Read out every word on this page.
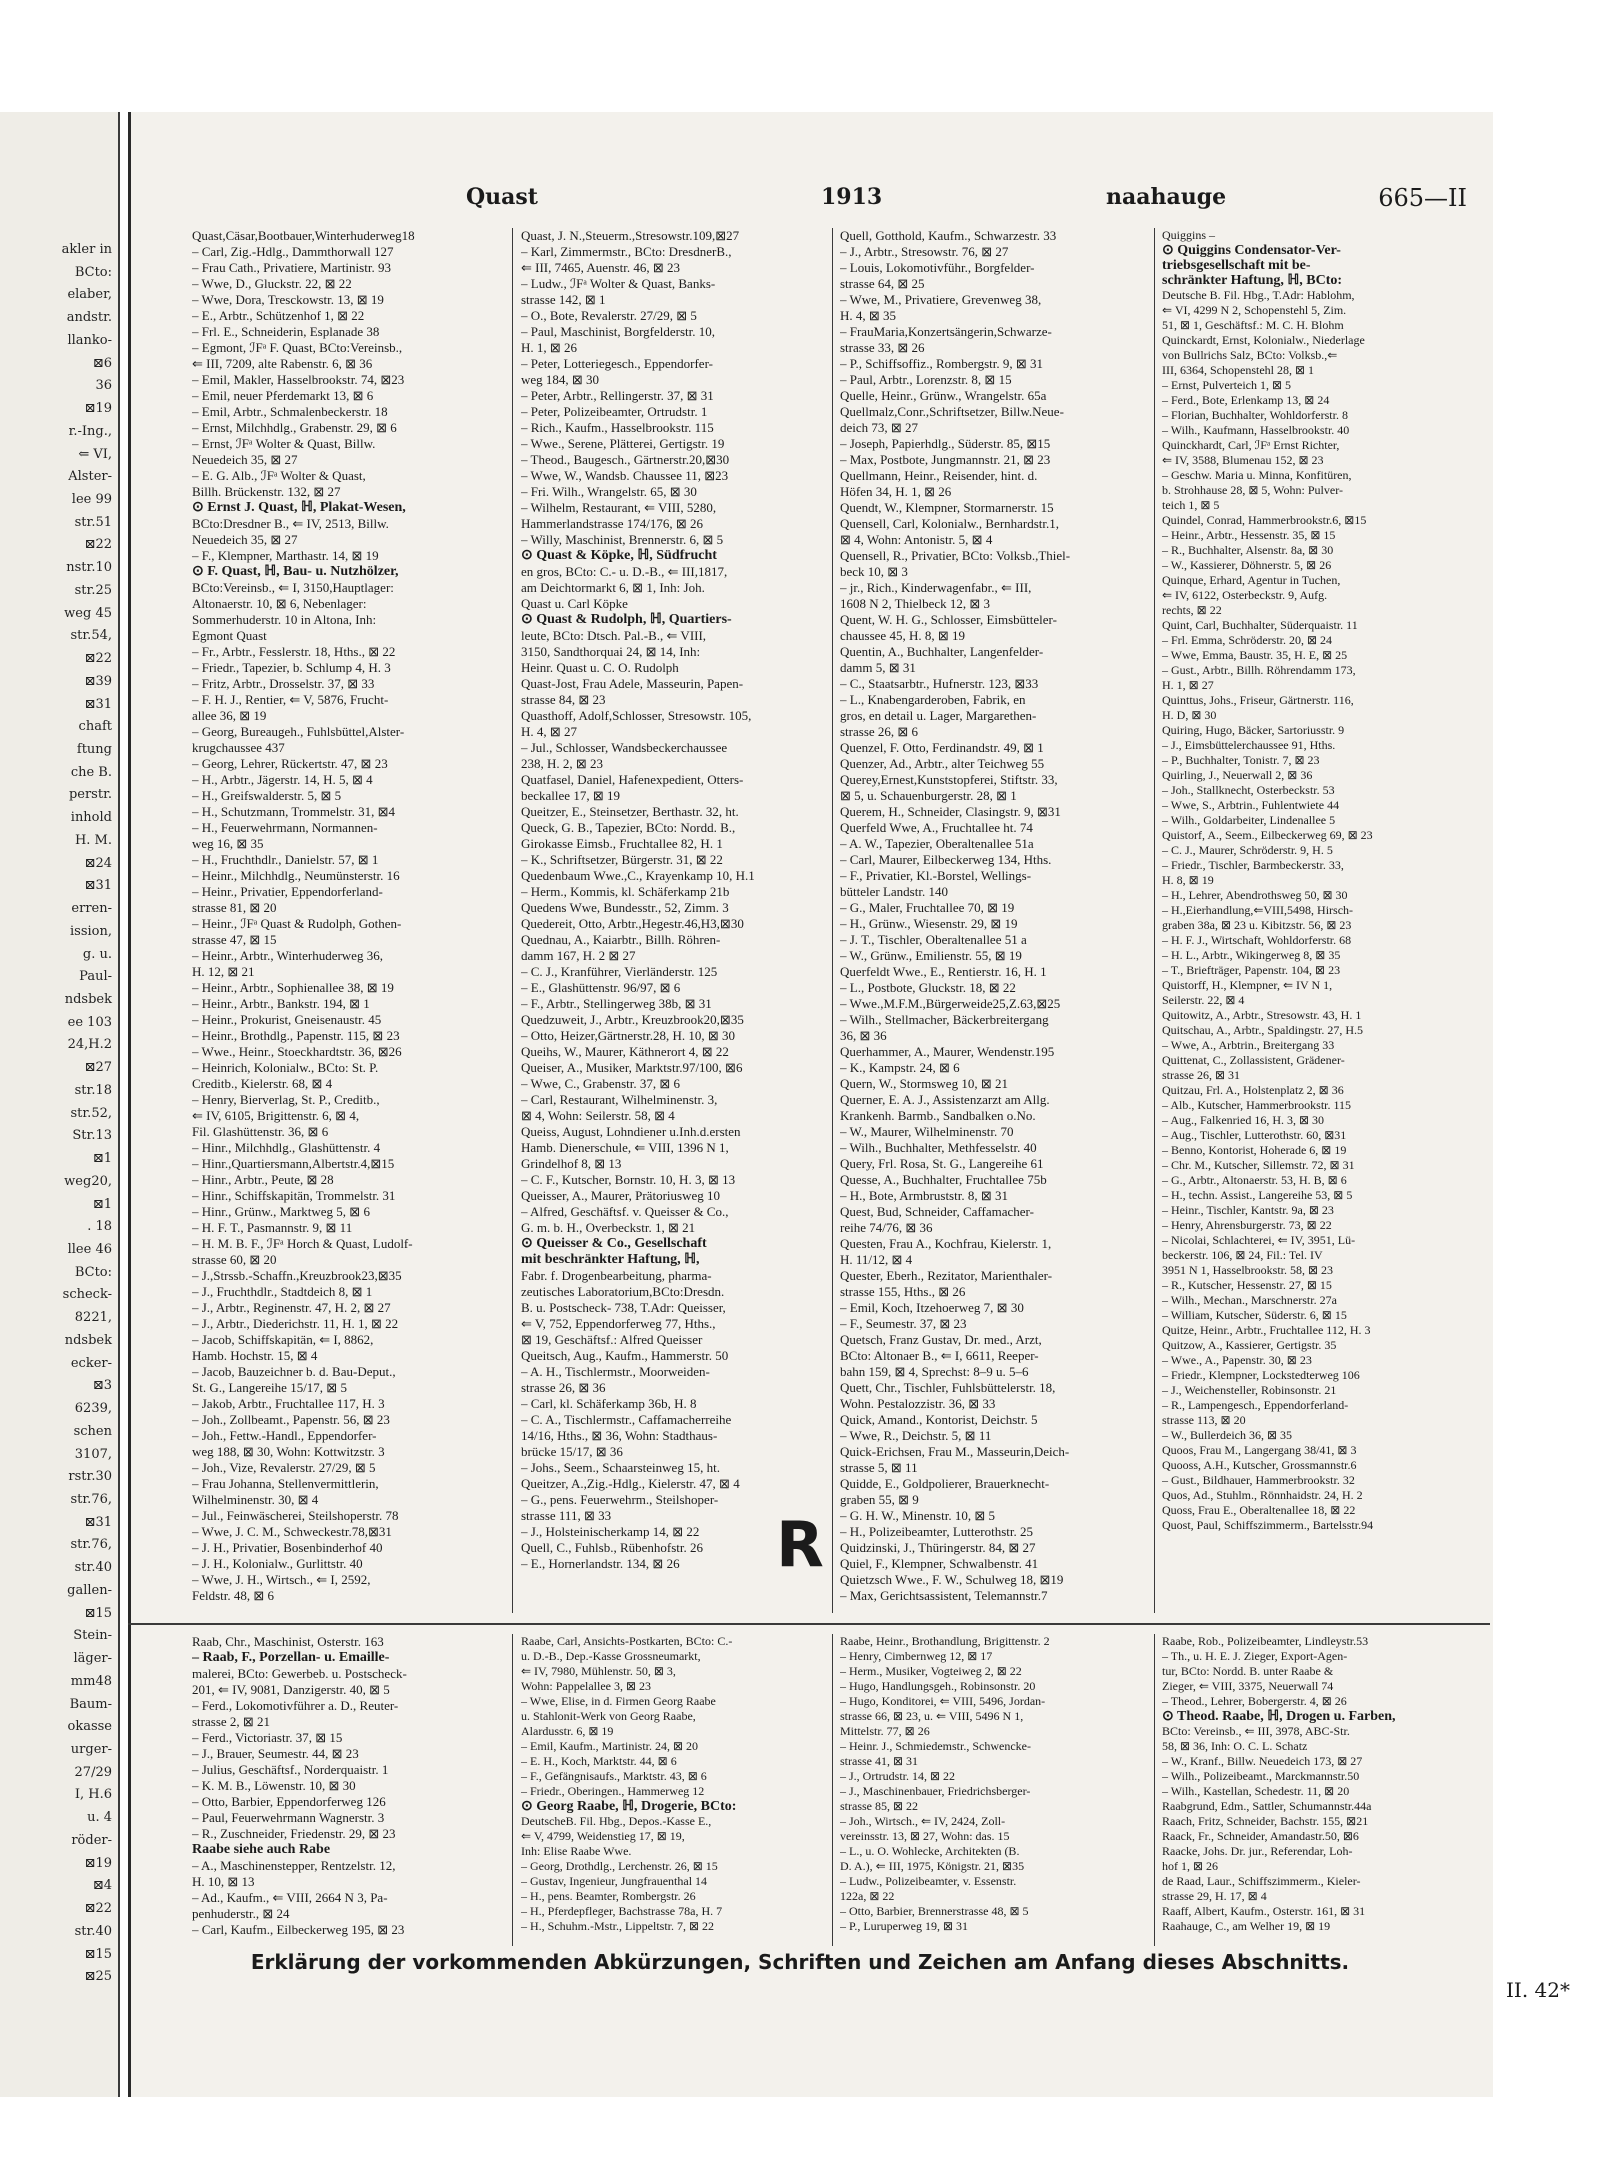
akler in
BCto:
elaber,
andstr.
llanko-
⊠6
36
⊠19
r.-Ing.,
⇐ VI,
Alster-
lee 99
str.51
⊠22
nstr.10
str.25
weg 45
str.54,
⊠22
⊠39
⊠31
chaft
ftung
che B.
perstr.
inhold
H. M.
⊠24
⊠31
erren-
ission,
g. u.
Paul-
ndsbek
ee 103
24,H.2
⊠27
str.18
str.52,
Str.13
⊠1
weg20,
⊠1
. 18
llee 46
BCto:
scheck-
8221,
ndsbek
ecker-
⊠3
6239,
schen
3107,
rstr.30
str.76,
⊠31
str.76,
str.40
gallen-
⊠15
Stein-
läger-
mm48
Baum-
okasse
urger-
27/29
I, H.6
u. 4
röder-
⊠19
⊠4
⊠22
str.40
⊠15
⊠25
Quast	1913	naahauge	665—II
R
Erklärung der vorkommenden Abkürzungen, Schriften und Zeichen am Anfang dieses Abschnitts.
II. 42*
Quast,Cäsar,Bootbauer,Winterhuderweg18
– Carl, Zig.-Hdlg., Dammthorwall 127
– Frau Cath., Privatiere, Martinistr. 93
– Wwe, D., Gluckstr. 22, ⊠ 22
– Wwe, Dora, Tresckowstr. 13, ⊠ 19
– E., Arbtr., Schützenhof 1, ⊠ 22
– Frl. E., Schneiderin, Esplanade 38
– Egmont, ℐFᵃ F. Quast, BCto:Vereinsb.,
⇐ III, 7209, alte Rabenstr. 6, ⊠ 36
– Emil, Makler, Hasselbrookstr. 74, ⊠23
– Emil, neuer Pferdemarkt 13, ⊠ 6
– Emil, Arbtr., Schmalenbeckerstr. 18
– Ernst, Milchhdlg., Grabenstr. 29, ⊠ 6
– Ernst, ℐFᵃ Wolter & Quast, Billw.
Neuedeich 35, ⊠ 27
– E. G. Alb., ℐFᵃ Wolter & Quast,
Billh. Brückenstr. 132, ⊠ 27
⊙ Ernst J. Quast, ℍ, Plakat-Wesen,
BCto:Dresdner B., ⇐ IV, 2513, Billw.
Neuedeich 35, ⊠ 27
– F., Klempner, Marthastr. 14, ⊠ 19
⊙ F. Quast, ℍ, Bau- u. Nutzhölzer,
BCto:Vereinsb., ⇐ I, 3150,Hauptlager:
Altonaerstr. 10, ⊠ 6, Nebenlager:
Sommerhuderstr. 10 in Altona, Inh:
Egmont Quast
– Fr., Arbtr., Fesslerstr. 18, Hths., ⊠ 22
– Friedr., Tapezier, b. Schlump 4, H. 3
– Fritz, Arbtr., Drosselstr. 37, ⊠ 33
– F. H. J., Rentier, ⇐ V, 5876, Frucht-
allee 36, ⊠ 19
– Georg, Bureaugeh., Fuhlsbüttel,Alster-
krugchaussee 437
– Georg, Lehrer, Rückertstr. 47, ⊠ 23
– H., Arbtr., Jägerstr. 14, H. 5, ⊠ 4
– H., Greifswalderstr. 5, ⊠ 5
– H., Schutzmann, Trommelstr. 31, ⊠4
– H., Feuerwehrmann, Normannen-
weg 16, ⊠ 35
– H., Fruchthdlr., Danielstr. 57, ⊠ 1
– Heinr., Milchhdlg., Neumünsterstr. 16
– Heinr., Privatier, Eppendorferland-
strasse 81, ⊠ 20
– Heinr., ℐFᵃ Quast & Rudolph, Gothen-
strasse 47, ⊠ 15
– Heinr., Arbtr., Winterhuderweg 36,
H. 12, ⊠ 21
– Heinr., Arbtr., Sophienallee 38, ⊠ 19
– Heinr., Arbtr., Bankstr. 194, ⊠ 1
– Heinr., Prokurist, Gneisenaustr. 45
– Heinr., Brothdlg., Papenstr. 115, ⊠ 23
– Wwe., Heinr., Stoeckhardtstr. 36, ⊠26
– Heinrich, Kolonialw., BCto: St. P.
Creditb., Kielerstr. 68, ⊠ 4
– Henry, Bierverlag, St. P., Creditb.,
⇐ IV, 6105, Brigittenstr. 6, ⊠ 4,
Fil. Glashüttenstr. 36, ⊠ 6
– Hinr., Milchhdlg., Glashüttenstr. 4
– Hinr.,Quartiersmann,Albertstr.4,⊠15
– Hinr., Arbtr., Peute, ⊠ 28
– Hinr., Schiffskapitän, Trommelstr. 31
– Hinr., Grünw., Marktweg 5, ⊠ 6
– H. F. T., Pasmannstr. 9, ⊠ 11
– H. M. B. F., ℐFᵃ Horch & Quast, Ludolf-
strasse 60, ⊠ 20
– J.,Strssb.-Schaffn.,Kreuzbrook23,⊠35
– J., Fruchthdlr., Stadtdeich 8, ⊠ 1
– J., Arbtr., Reginenstr. 47, H. 2, ⊠ 27
– J., Arbtr., Diederichstr. 11, H. 1, ⊠ 22
– Jacob, Schiffskapitän, ⇐ I, 8862,
Hamb. Hochstr. 15, ⊠ 4
– Jacob, Bauzeichner b. d. Bau-Deput.,
St. G., Langereihe 15/17, ⊠ 5
– Jakob, Arbtr., Fruchtallee 117, H. 3
– Joh., Zollbeamt., Papenstr. 56, ⊠ 23
– Joh., Fettw.-Handl., Eppendorfer-
weg 188, ⊠ 30, Wohn: Kottwitzstr. 3
– Joh., Vize, Revalerstr. 27/29, ⊠ 5
– Frau Johanna, Stellenvermittlerin,
Wilhelminenstr. 30, ⊠ 4
– Jul., Feinwäscherei, Steilshoperstr. 78
– Wwe, J. C. M., Schweckestr.78,⊠31
– J. H., Privatier, Bosenbinderhof 40
– J. H., Kolonialw., Gurlittstr. 40
– Wwe, J. H., Wirtsch., ⇐ I, 2592,
Feldstr. 48, ⊠ 6
Quast, J. N.,Steuerm.,Stresowstr.109,⊠27
– Karl, Zimmermstr., BCto: DresdnerB.,
⇐ III, 7465, Auenstr. 46, ⊠ 23
– Ludw., ℐFᵃ Wolter & Quast, Banks-
strasse 142, ⊠ 1
– O., Bote, Revalerstr. 27/29, ⊠ 5
– Paul, Maschinist, Borgfelderstr. 10,
H. 1, ⊠ 26
– Peter, Lotteriegesch., Eppendorfer-
weg 184, ⊠ 30
– Peter, Arbtr., Rellingerstr. 37, ⊠ 31
– Peter, Polizeibeamter, Ortrudstr. 1
– Rich., Kaufm., Hasselbrookstr. 115
– Wwe., Serene, Plätterei, Gertigstr. 19
– Theod., Baugesch., Gärtnerstr.20,⊠30
– Wwe, W., Wandsb. Chaussee 11, ⊠23
– Fri. Wilh., Wrangelstr. 65, ⊠ 30
– Wilhelm, Restaurant, ⇐ VIII, 5280,
Hammerlandstrasse 174/176, ⊠ 26
– Willy, Maschinist, Brennerstr. 6, ⊠ 5
⊙ Quast & Köpke, ℍ, Südfrucht
en gros, BCto: C.- u. D.-B., ⇐ III,1817,
am Deichtormarkt 6, ⊠ 1, Inh: Joh.
Quast u. Carl Köpke
⊙ Quast & Rudolph, ℍ, Quartiers-
leute, BCto: Dtsch. Pal.-B., ⇐ VIII,
3150, Sandthorquai 24, ⊠ 14, Inh:
Heinr. Quast u. C. O. Rudolph
Quast-Jost, Frau Adele, Masseurin, Papen-
strasse 84, ⊠ 23
Quasthoff, Adolf,Schlosser, Stresowstr. 105,
H. 4, ⊠ 27
– Jul., Schlosser, Wandsbeckerchaussee
238, H. 2, ⊠ 23
Quatfasel, Daniel, Hafenexpedient, Otters-
beckallee 17, ⊠ 19
Queitzer, E., Steinsetzer, Berthastr. 32, ht.
Queck, G. B., Tapezier, BCto: Nordd. B.,
Girokasse Eimsb., Fruchtallee 82, H. 1
– K., Schriftsetzer, Bürgerstr. 31, ⊠ 22
Quedenbaum Wwe.,C., Krayenkamp 10, H.1
– Herm., Kommis, kl. Schäferkamp 21b
Quedens Wwe, Bundesstr., 52, Zimm. 3
Quedereit, Otto, Arbtr.,Hegestr.46,H3,⊠30
Quednau, A., Kaiarbtr., Billh. Röhren-
damm 167, H. 2 ⊠ 27
– C. J., Kranführer, Vierländerstr. 125
– E., Glashüttenstr. 96/97, ⊠ 6
– F., Arbtr., Stellingerweg 38b, ⊠ 31
Quedzuweit, J., Arbtr., Kreuzbrook20,⊠35
– Otto, Heizer,Gärtnerstr.28, H. 10, ⊠ 30
Queihs, W., Maurer, Käthnerort 4, ⊠ 22
Queiser, A., Musiker, Marktstr.97/100, ⊠6
– Wwe, C., Grabenstr. 37, ⊠ 6
– Carl, Restaurant, Wilhelminenstr. 3,
⊠ 4, Wohn: Seilerstr. 58, ⊠ 4
Queiss, August, Lohndiener u.Inh.d.ersten
Hamb. Dienerschule, ⇐ VIII, 1396 N 1,
Grindelhof 8, ⊠ 13
– C. F., Kutscher, Bornstr. 10, H. 3, ⊠ 13
Queisser, A., Maurer, Prätoriusweg 10
– Alfred, Geschäftsf. v. Queisser & Co.,
G. m. b. H., Overbeckstr. 1, ⊠ 21
⊙ Queisser & Co., Gesellschaft
mit beschränkter Haftung, ℍ,
Fabr. f. Drogenbearbeitung, pharma-
zeutisches Laboratorium,BCto:Dresdn.
B. u. Postscheck- 738, T.Adr: Queisser,
⇐ V, 752, Eppendorferweg 77, Hths.,
⊠ 19, Geschäftsf.: Alfred Queisser
Queitsch, Aug., Kaufm., Hammerstr. 50
– A. H., Tischlermstr., Moorweiden-
strasse 26, ⊠ 36
– Carl, kl. Schäferkamp 36b, H. 8
– C. A., Tischlermstr., Caffamacherreihe
14/16, Hths., ⊠ 36, Wohn: Stadthaus-
brücke 15/17, ⊠ 36
– Johs., Seem., Schaarsteinweg 15, ht.
Queitzer, A.,Zig.-Hdlg., Kielerstr. 47, ⊠ 4
– G., pens. Feuerwehrm., Steilshoper-
strasse 111, ⊠ 33
– J., Holsteinischerkamp 14, ⊠ 22
Quell, C., Fuhlsb., Rübenhofstr. 26
– E., Hornerlandstr. 134, ⊠ 26
Quell, Gotthold, Kaufm., Schwarzestr. 33
– J., Arbtr., Stresowstr. 76, ⊠ 27
– Louis, Lokomotivführ., Borgfelder-
strasse 64, ⊠ 25
– Wwe, M., Privatiere, Grevenweg 38,
H. 4, ⊠ 35
– FrauMaria,Konzertsängerin,Schwarze-
strasse 33, ⊠ 26
– P., Schiffsoffiz., Rombergstr. 9, ⊠ 31
– Paul, Arbtr., Lorenzstr. 8, ⊠ 15
Quelle, Heinr., Grünw., Wrangelstr. 65a
Quellmalz,Conr.,Schriftsetzer, Billw.Neue-
deich 73, ⊠ 27
– Joseph, Papierhdlg., Süderstr. 85, ⊠15
– Max, Postbote, Jungmannstr. 21, ⊠ 23
Quellmann, Heinr., Reisender, hint. d.
Höfen 34, H. 1, ⊠ 26
Quendt, W., Klempner, Stormarnerstr. 15
Quensell, Carl, Kolonialw., Bernhardstr.1,
⊠ 4, Wohn: Antonistr. 5, ⊠ 4
Quensell, R., Privatier, BCto: Volksb.,Thiel-
beck 10, ⊠ 3
– jr., Rich., Kinderwagenfabr., ⇐ III,
1608 N 2, Thielbeck 12, ⊠ 3
Quent, W. H. G., Schlosser, Eimsbütteler-
chaussee 45, H. 8, ⊠ 19
Quentin, A., Buchhalter, Langenfelder-
damm 5, ⊠ 31
– C., Staatsarbtr., Hufnerstr. 123, ⊠33
– L., Knabengarderoben, Fabrik, en
gros, en detail u. Lager, Margarethen-
strasse 26, ⊠ 6
Quenzel, F. Otto, Ferdinandstr. 49, ⊠ 1
Quenzer, Ad., Arbtr., alter Teichweg 55
Querey,Ernest,Kunststopferei, Stiftstr. 33,
⊠ 5, u. Schauenburgerstr. 28, ⊠ 1
Querem, H., Schneider, Clasingstr. 9, ⊠31
Querfeld Wwe, A., Fruchtallee ht. 74
– A. W., Tapezier, Oberaltenallee 51a
– Carl, Maurer, Eilbeckerweg 134, Hths.
– F., Privatier, Kl.-Borstel, Wellings-
bütteler Landstr. 140
– G., Maler, Fruchtallee 70, ⊠ 19
– H., Grünw., Wiesenstr. 29, ⊠ 19
– J. T., Tischler, Oberaltenallee 51 a
– W., Grünw., Emilienstr. 55, ⊠ 19
Querfeldt Wwe., E., Rentierstr. 16, H. 1
– L., Postbote, Gluckstr. 18, ⊠ 22
– Wwe.,M.F.M.,Bürgerweide25,Z.63,⊠25
– Wilh., Stellmacher, Bäckerbreitergang
36, ⊠ 36
Querhammer, A., Maurer, Wendenstr.195
– K., Kampstr. 24, ⊠ 6
Quern, W., Stormsweg 10, ⊠ 21
Querner, E. A. J., Assistenzarzt am Allg.
Krankenh. Barmb., Sandbalken o.No.
– W., Maurer, Wilhelminenstr. 70
– Wilh., Buchhalter, Methfesselstr. 40
Query, Frl. Rosa, St. G., Langereihe 61
Quesse, A., Buchhalter, Fruchtallee 75b
– H., Bote, Armbruststr. 8, ⊠ 31
Quest, Bud, Schneider, Caffamacher-
reihe 74/76, ⊠ 36
Questen, Frau A., Kochfrau, Kielerstr. 1,
H. 11/12, ⊠ 4
Quester, Eberh., Rezitator, Marienthaler-
strasse 155, Hths., ⊠ 26
– Emil, Koch, Itzehoerweg 7, ⊠ 30
– F., Seumestr. 37, ⊠ 23
Quetsch, Franz Gustav, Dr. med., Arzt,
BCto: Altonaer B., ⇐ I, 6611, Reeper-
bahn 159, ⊠ 4, Sprechst: 8–9 u. 5–6
Quett, Chr., Tischler, Fuhlsbüttelerstr. 18,
Wohn. Pestalozzistr. 36, ⊠ 33
Quick, Amand., Kontorist, Deichstr. 5
– Wwe, R., Deichstr. 5, ⊠ 11
Quick-Erichsen, Frau M., Masseurin,Deich-
strasse 5, ⊠ 11
Quidde, E., Goldpolierer, Brauerknecht-
graben 55, ⊠ 9
– G. H. W., Minenstr. 10, ⊠ 5
– H., Polizeibeamter, Lutterothstr. 25
Quidzinski, J., Thüringerstr. 84, ⊠ 27
Quiel, F., Klempner, Schwalbenstr. 41
Quietzsch Wwe., F. W., Schulweg 18, ⊠19
– Max, Gerichtsassistent, Telemannstr.7
Quiggins –
⊙ Quiggins Condensator-Ver-
triebsgesellschaft mit be-
schränkter Haftung, ℍ, BCto:
Deutsche B. Fil. Hbg., T.Adr: Hablohm,
⇐ VI, 4299 N 2, Schopenstehl 5, Zim.
51, ⊠ 1, Geschäftsf.: M. C. H. Blohm
Quinckardt, Ernst, Kolonialw., Niederlage
von Bullrichs Salz, BCto: Volksb.,⇐
III, 6364, Schopenstehl 28, ⊠ 1
– Ernst, Pulverteich 1, ⊠ 5
– Ferd., Bote, Erlenkamp 13, ⊠ 24
– Florian, Buchhalter, Wohldorferstr. 8
– Wilh., Kaufmann, Hasselbrookstr. 40
Quinckhardt, Carl, ℐFᵃ Ernst Richter,
⇐ IV, 3588, Blumenau 152, ⊠ 23
– Geschw. Maria u. Minna, Konfitüren,
b. Strohhause 28, ⊠ 5, Wohn: Pulver-
teich 1, ⊠ 5
Quindel, Conrad, Hammerbrookstr.6, ⊠15
– Heinr., Arbtr., Hessenstr. 35, ⊠ 15
– R., Buchhalter, Alsenstr. 8a, ⊠ 30
– W., Kassierer, Döhnerstr. 5, ⊠ 26
Quinque, Erhard, Agentur in Tuchen,
⇐ IV, 6122, Osterbeckstr. 9, Aufg.
rechts, ⊠ 22
Quint, Carl, Buchhalter, Süderquaistr. 11
– Frl. Emma, Schröderstr. 20, ⊠ 24
– Wwe, Emma, Baustr. 35, H. E, ⊠ 25
– Gust., Arbtr., Billh. Röhrendamm 173,
H. 1, ⊠ 27
Quinttus, Johs., Friseur, Gärtnerstr. 116,
H. D, ⊠ 30
Quiring, Hugo, Bäcker, Sartoriusstr. 9
– J., Eimsbüttelerchaussee 91, Hths.
– P., Buchhalter, Tonistr. 7, ⊠ 23
Quirling, J., Neuerwall 2, ⊠ 36
– Joh., Stallknecht, Osterbeckstr. 53
– Wwe, S., Arbtrin., Fuhlentwiete 44
– Wilh., Goldarbeiter, Lindenallee 5
Quistorf, A., Seem., Eilbeckerweg 69, ⊠ 23
– C. J., Maurer, Schröderstr. 9, H. 5
– Friedr., Tischler, Barmbeckerstr. 33,
H. 8, ⊠ 19
– H., Lehrer, Abendrothsweg 50, ⊠ 30
– H.,Eierhandlung,⇐VIII,5498, Hirsch-
graben 38a, ⊠ 23 u. Kibitzstr. 56, ⊠ 23
– H. F. J., Wirtschaft, Wohldorferstr. 68
– H. L., Arbtr., Wikingerweg 8, ⊠ 35
– T., Briefträger, Papenstr. 104, ⊠ 23
Quistorff, H., Klempner, ⇐ IV N 1,
Seilerstr. 22, ⊠ 4
Quitowitz, A., Arbtr., Stresowstr. 43, H. 1
Quitschau, A., Arbtr., Spaldingstr. 27, H.5
– Wwe, A., Arbtrin., Breitergang 33
Quittenat, C., Zollassistent, Grädener-
strasse 26, ⊠ 31
Quitzau, Frl. A., Holstenplatz 2, ⊠ 36
– Alb., Kutscher, Hammerbrookstr. 115
– Aug., Falkenried 16, H. 3, ⊠ 30
– Aug., Tischler, Lutterothstr. 60, ⊠31
– Benno, Kontorist, Hoherade 6, ⊠ 19
– Chr. M., Kutscher, Sillemstr. 72, ⊠ 31
– G., Arbtr., Altonaerstr. 53, H. B, ⊠ 6
– H., techn. Assist., Langereihe 53, ⊠ 5
– Heinr., Tischler, Kantstr. 9a, ⊠ 23
– Henry, Ahrensburgerstr. 73, ⊠ 22
– Nicolai, Schlachterei, ⇐ IV, 3951, Lü-
beckerstr. 106, ⊠ 24, Fil.: Tel. IV
3951 N 1, Hasselbrookstr. 58, ⊠ 23
– R., Kutscher, Hessenstr. 27, ⊠ 15
– Wilh., Mechan., Marschnerstr. 27a
– William, Kutscher, Süderstr. 6, ⊠ 15
Quitze, Heinr., Arbtr., Fruchtallee 112, H. 3
Quitzow, A., Kassierer, Gertigstr. 35
– Wwe., A., Papenstr. 30, ⊠ 23
– Friedr., Klempner, Lockstedterweg 106
– J., Weichensteller, Robinsonstr. 21
– R., Lampengesch., Eppendorferland-
strasse 113, ⊠ 20
– W., Bullerdeich 36, ⊠ 35
Quoos, Frau M., Langergang 38/41, ⊠ 3
Quooss, A.H., Kutscher, Grossmannstr.6
– Gust., Bildhauer, Hammerbrookstr. 32
Quos, Ad., Stuhlm., Rönnhaidstr. 24, H. 2
Quoss, Frau E., Oberaltenallee 18, ⊠ 22
Quost, Paul, Schiffszimmerm., Bartelsstr.94
Raab, Chr., Maschinist, Osterstr. 163
– Raab, F., Porzellan- u. Emaille-
malerei, BCto: Gewerbeb. u. Postscheck-
201, ⇐ IV, 9081, Danzigerstr. 40, ⊠ 5
– Ferd., Lokomotivführer a. D., Reuter-
strasse 2, ⊠ 21
– Ferd., Victoriastr. 37, ⊠ 15
– J., Brauer, Seumestr. 44, ⊠ 23
– Julius, Geschäftsf., Norderquaistr. 1
– K. M. B., Löwenstr. 10, ⊠ 30
– Otto, Barbier, Eppendorferweg 126
– Paul, Feuerwehrmann Wagnerstr. 3
– R., Zuschneider, Friedenstr. 29, ⊠ 23
Raabe siehe auch Rabe
– A., Maschinenstepper, Rentzelstr. 12,
H. 10, ⊠ 13
– Ad., Kaufm., ⇐ VIII, 2664 N 3, Pa-
penhuderstr., ⊠ 24
– Carl, Kaufm., Eilbeckerweg 195, ⊠ 23
Raabe, Carl, Ansichts-Postkarten, BCto: C.-
u. D.-B., Dep.-Kasse Grossneumarkt,
⇐ IV, 7980, Mühlenstr. 50, ⊠ 3,
Wohn: Pappelallee 3, ⊠ 23
– Wwe, Elise, in d. Firmen Georg Raabe
u. Stahlonit-Werk von Georg Raabe,
Alardusstr. 6, ⊠ 19
– Emil, Kaufm., Martinistr. 24, ⊠ 20
– E. H., Koch, Marktstr. 44, ⊠ 6
– F., Gefängnisaufs., Marktstr. 43, ⊠ 6
– Friedr., Oberingen., Hammerweg 12
⊙ Georg Raabe, ℍ, Drogerie, BCto:
DeutscheB. Fil. Hbg., Depos.-Kasse E.,
⇐ V, 4799, Weidenstieg 17, ⊠ 19,
Inh: Elise Raabe Wwe.
– Georg, Drothdlg., Lerchenstr. 26, ⊠ 15
– Gustav, Ingenieur, Jungfrauenthal 14
– H., pens. Beamter, Rombergstr. 26
– H., Pferdepfleger, Bachstrasse 78a, H. 7
– H., Schuhm.-Mstr., Lippeltstr. 7, ⊠ 22
Raabe, Heinr., Brothandlung, Brigittenstr. 2
– Henry, Cimbernweg 12, ⊠ 17
– Herm., Musiker, Vogteiweg 2, ⊠ 22
– Hugo, Handlungsgeh., Robinsonstr. 20
– Hugo, Konditorei, ⇐ VIII, 5496, Jordan-
strasse 66, ⊠ 23, u. ⇐ VIII, 5496 N 1,
Mittelstr. 77, ⊠ 26
– Heinr. J., Schmiedemstr., Schwencke-
strasse 41, ⊠ 31
– J., Ortrudstr. 14, ⊠ 22
– J., Maschinenbauer, Friedrichsberger-
strasse 85, ⊠ 22
– Joh., Wirtsch., ⇐ IV, 2424, Zoll-
vereinsstr. 13, ⊠ 27, Wohn: das. 15
– L., u. O. Wohlecke, Architekten (B.
D. A.), ⇐ III, 1975, Königstr. 21, ⊠35
– Ludw., Polizeibeamter, v. Essenstr.
122a, ⊠ 22
– Otto, Barbier, Brennerstrasse 48, ⊠ 5
– P., Luruperweg 19, ⊠ 31
Raabe, Rob., Polizeibeamter, Lindleystr.53
– Th., u. H. E. J. Zieger, Export-Agen-
tur, BCto: Nordd. B. unter Raabe &
Zieger, ⇐ VIII, 3375, Neuerwall 74
– Theod., Lehrer, Bobergerstr. 4, ⊠ 26
⊙ Theod. Raabe, ℍ, Drogen u. Farben,
BCto: Vereinsb., ⇐ III, 3978, ABC-Str.
58, ⊠ 36, Inh: O. C. L. Schatz
– W., Kranf., Billw. Neuedeich 173, ⊠ 27
– Wilh., Polizeibeamt., Marckmannstr.50
– Wilh., Kastellan, Schedestr. 11, ⊠ 20
Raabgrund, Edm., Sattler, Schumannstr.44a
Raach, Fritz, Schneider, Bachstr. 155, ⊠21
Raack, Fr., Schneider, Amandastr.50, ⊠6
Raacke, Johs. Dr. jur., Referendar, Loh-
hof 1, ⊠ 26
de Raad, Laur., Schiffszimmerm., Kieler-
strasse 29, H. 17, ⊠ 4
Raaff, Albert, Kaufm., Osterstr. 161, ⊠ 31
Raahauge, C., am Welher 19, ⊠ 19
